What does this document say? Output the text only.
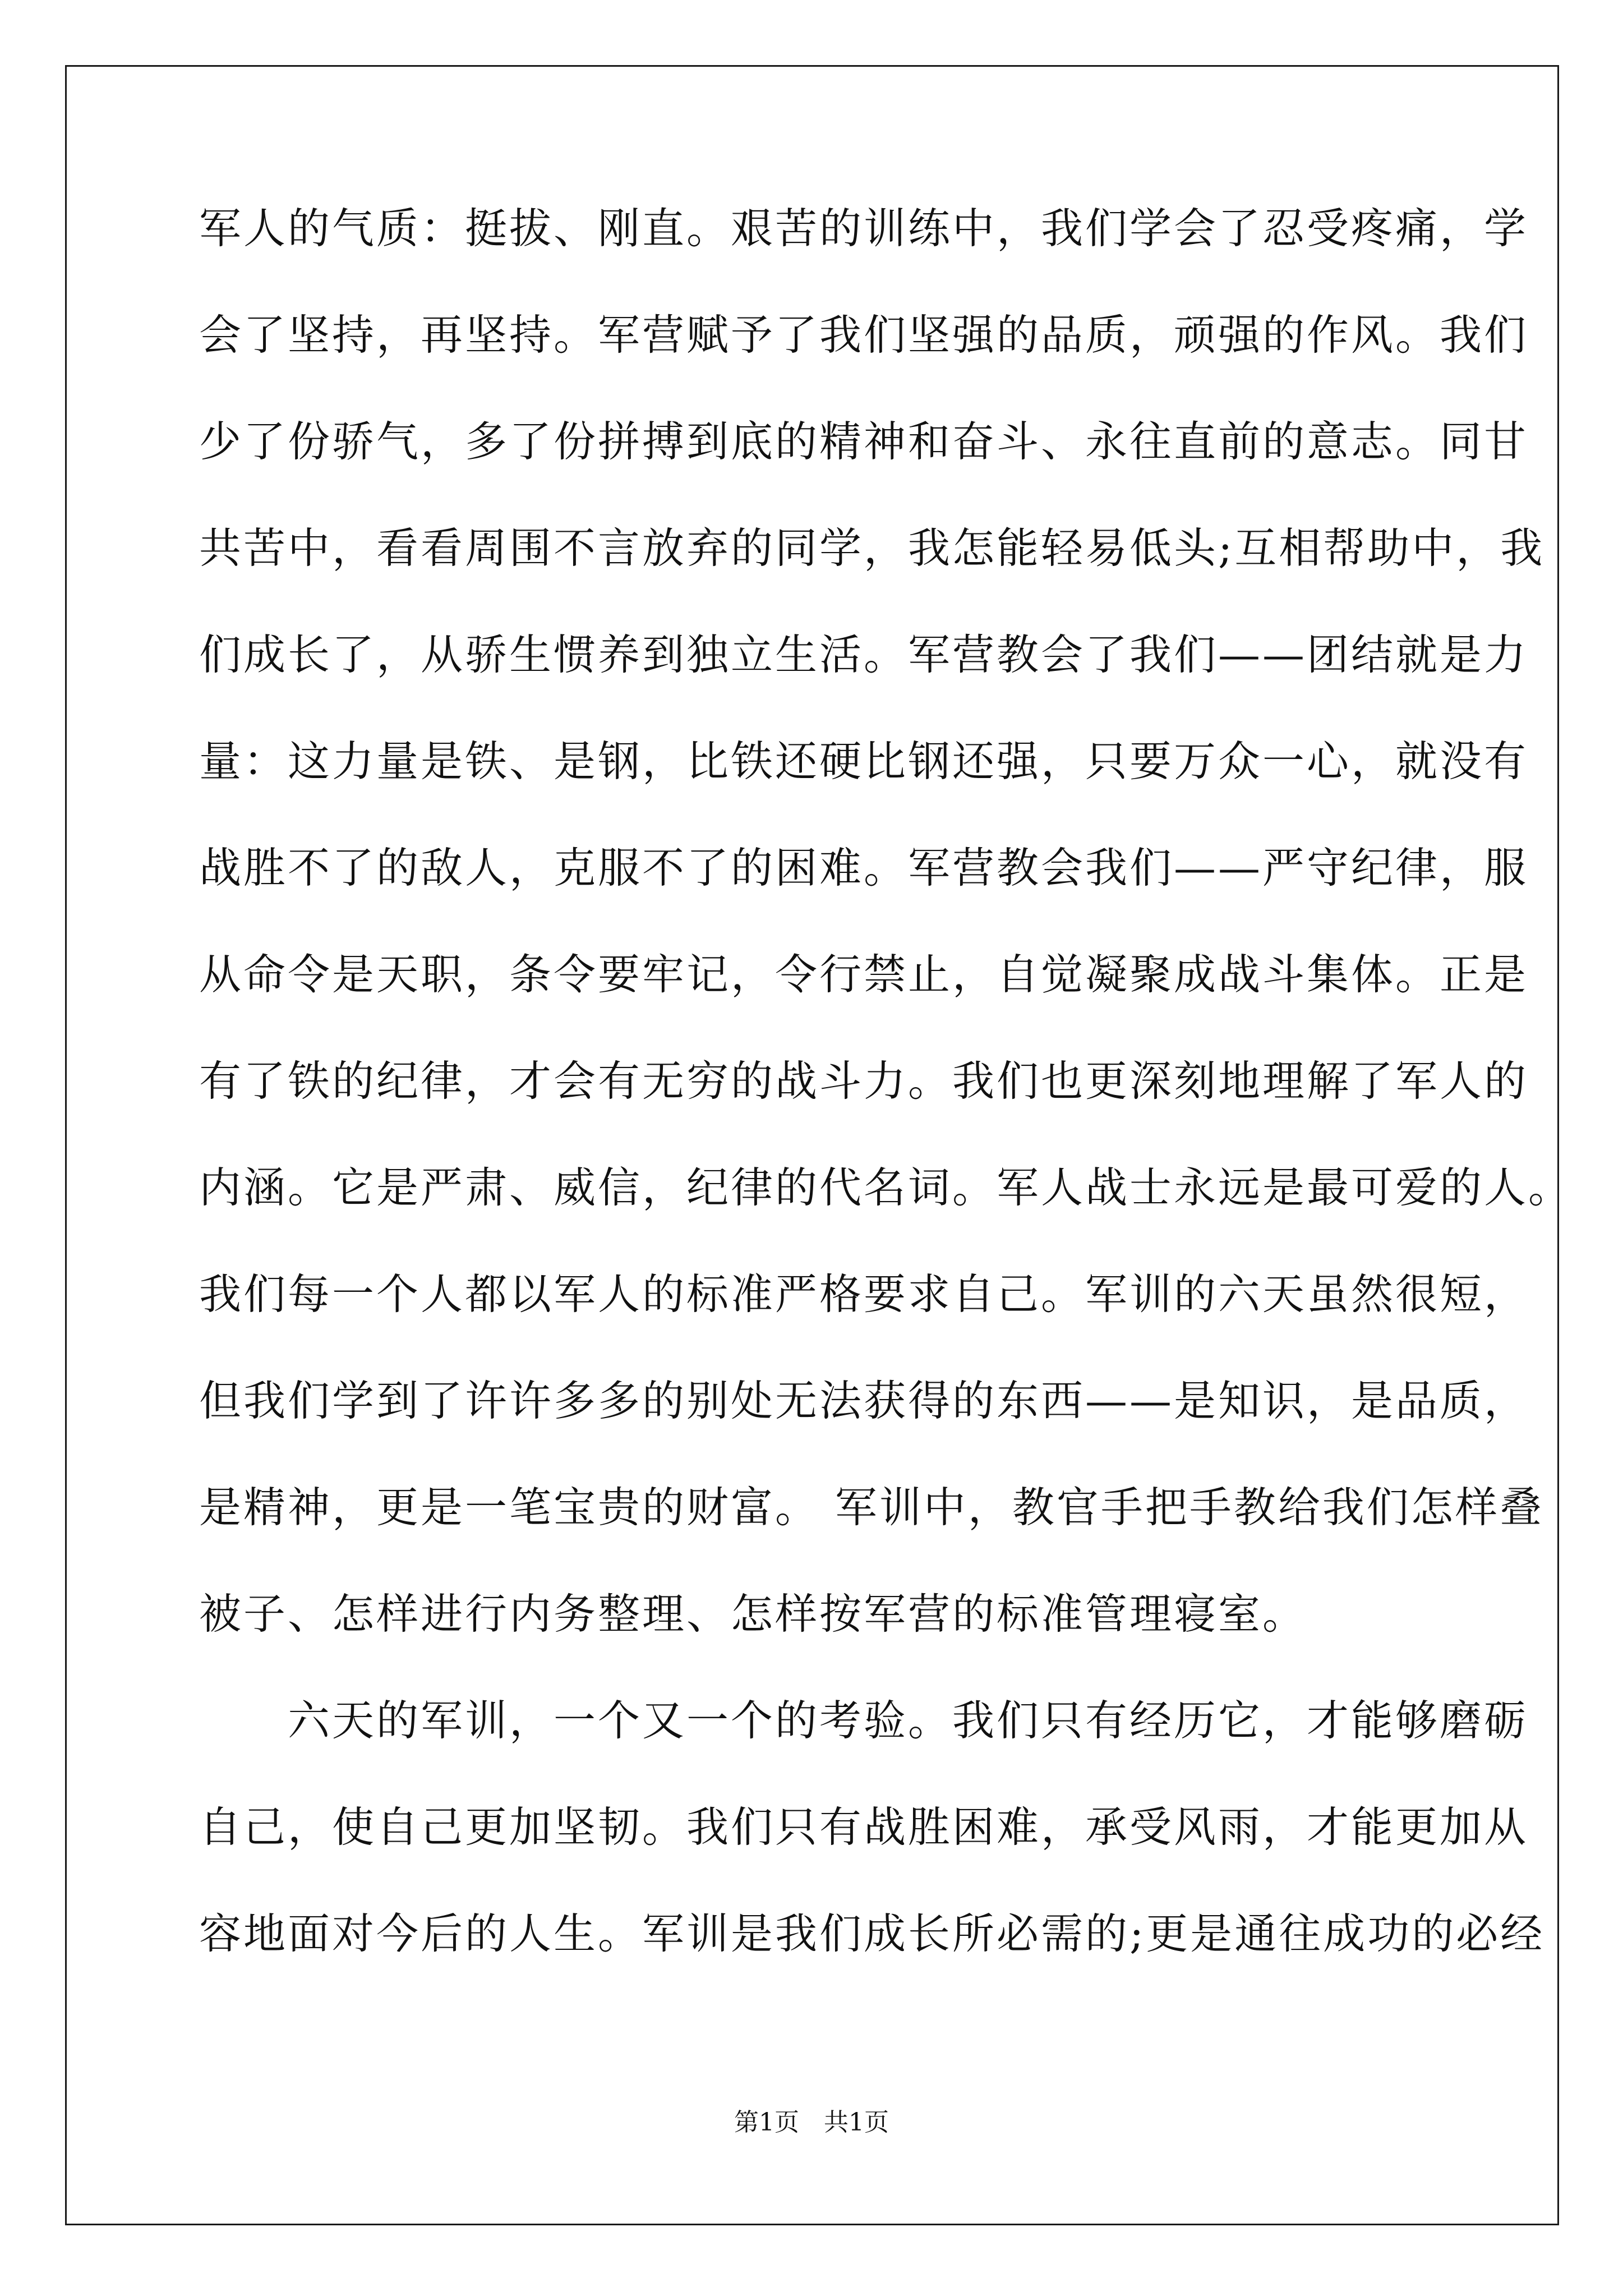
军人的气质：挺拔、刚直。艰苦的训练中，我们学会了忍受疼痛，学
会了坚持，再坚持。军营赋予了我们坚强的品质，顽强的作风。我们
少了份骄气，多了份拼搏到底的精神和奋斗、永往直前的意志。同甘
共苦中，看看周围不言放弃的同学，我怎能轻易低头;互相帮助中，我
们成长了，从骄生惯养到独立生活。军营教会了我们——团结就是力
量：这力量是铁、是钢，比铁还硬比钢还强，只要万众一心，就没有
战胜不了的敌人，克服不了的困难。军营教会我们——严守纪律，服
从命令是天职，条令要牢记，令行禁止，自觉凝聚成战斗集体。正是
有了铁的纪律，才会有无穷的战斗力。我们也更深刻地理解了军人的
内涵。它是严肃、威信，纪律的代名词。军人战士永远是最可爱的人。
我们每一个人都以军人的标准严格要求自己。军训的六天虽然很短，
但我们学到了许许多多的别处无法获得的东西——是知识，是品质，
是精神，更是一笔宝贵的财富。 军训中，教官手把手教给我们怎样叠
被子、怎样进行内务整理、怎样按军营的标准管理寝室。
　　六天的军训，一个又一个的考验。我们只有经历它，才能够磨砺
自己，使自己更加坚韧。我们只有战胜困难，承受风雨，才能更加从
容地面对今后的人生。军训是我们成长所必需的;更是通往成功的必经
第1页　共1页
